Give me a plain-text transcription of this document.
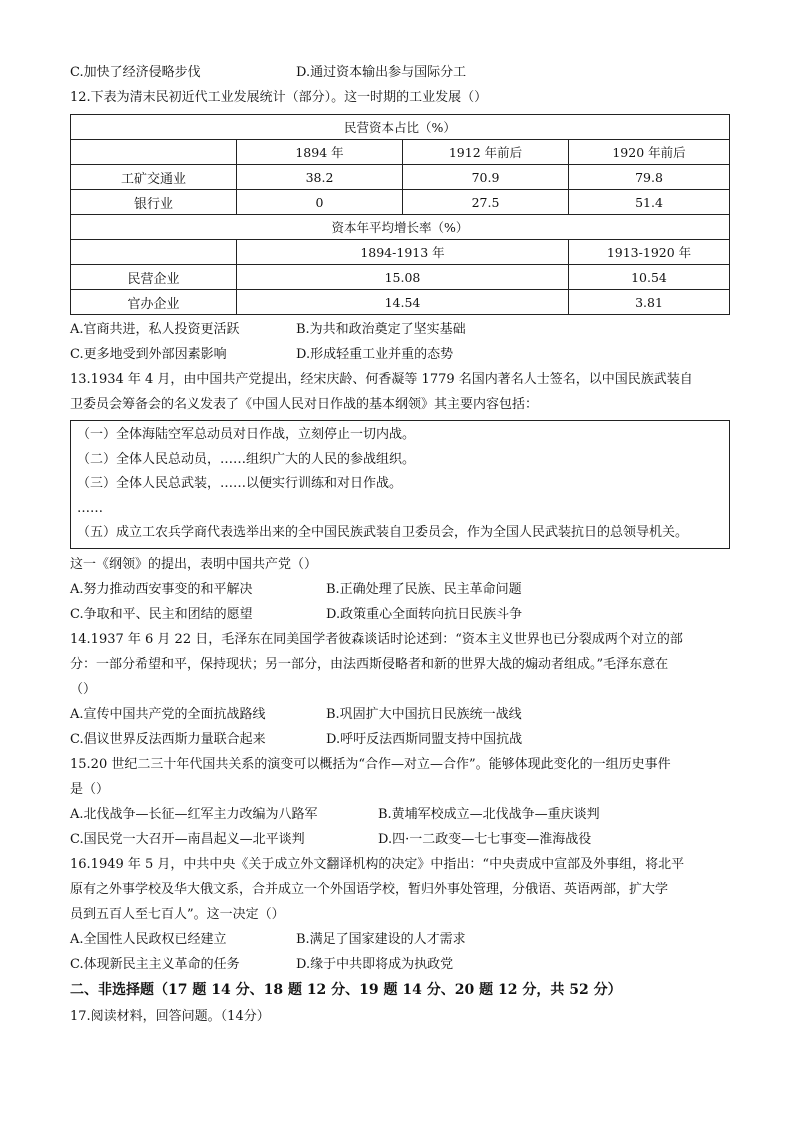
C.加快了经济侵略步伐	D.通过资本输出参与国际分工
12.下表为清末民初近代工业发展统计（部分）。这一时期的工业发展（）
民营资本占比（%）			
	1894 年	1912 年前后	1920 年前后
工矿交通业	38.2	70.9	79.8
银行业	0	27.5	51.4
资本年平均增长率（%）			
	1894-1913 年		1913-1920 年
民营企业	15.08		10.54
官办企业	14.54		3.81
A.官商共进，私人投资更活跃	B.为共和政治奠定了坚实基础
C.更多地受到外部因素影响	D.形成轻重工业并重的态势
13.1934 年 4 月，由中国共产党提出，经宋庆龄、何香凝等 1779 名国内著名人士签名，以中国民族武装自
卫委员会筹备会的名义发表了《中国人民对日作战的基本纲领》其主要内容包括：
（一）全体海陆空军总动员对日作战，立刻停止一切内战。
（二）全体人民总动员，……组织广大的人民的参战组织。
（三）全体人民总武装，……以便实行训练和对日作战。
……
（五）成立工农兵学商代表选举出来的全中国民族武装自卫委员会，作为全国人民武装抗日的总领导机关。
这一《纲领》的提出，表明中国共产党（）
A.努力推动西安事变的和平解决	B.正确处理了民族、民主革命问题
C.争取和平、民主和团结的愿望	D.政策重心全面转向抗日民族斗争
14.1937 年 6 月 22 日，毛泽东在同美国学者彼森谈话时论述到：“资本主义世界也已分裂成两个对立的部
分：一部分希望和平，保持现状；另一部分，由法西斯侵略者和新的世界大战的煽动者组成。”毛泽东意在
（）
A.宣传中国共产党的全面抗战路线	B.巩固扩大中国抗日民族统一战线
C.倡议世界反法西斯力量联合起来	D.呼吁反法西斯同盟支持中国抗战
15.20 世纪二三十年代国共关系的演变可以概括为“合作—对立—合作”。能够体现此变化的一组历史事件
是（）
A.北伐战争—长征—红军主力改编为八路军	B.黄埔军校成立—北伐战争—重庆谈判
C.国民党一大召开—南昌起义—北平谈判	D.四·一二政变—七七事变—淮海战役
16.1949 年 5 月，中共中央《关于成立外文翻译机构的决定》中指出：“中央责成中宣部及外事组，将北平
原有之外事学校及华大俄文系，合并成立一个外国语学校，暂归外事处管理，分俄语、英语两部，扩大学
员到五百人至七百人”。这一决定（）
A.全国性人民政权已经建立	B.满足了国家建设的人才需求
C.体现新民主主义革命的任务	D.缘于中共即将成为执政党
二、非选择题（17 题 14 分、18 题 12 分、19 题 14 分、20 题 12 分，共 52 分）
17.阅读材料，回答问题。（14分）
